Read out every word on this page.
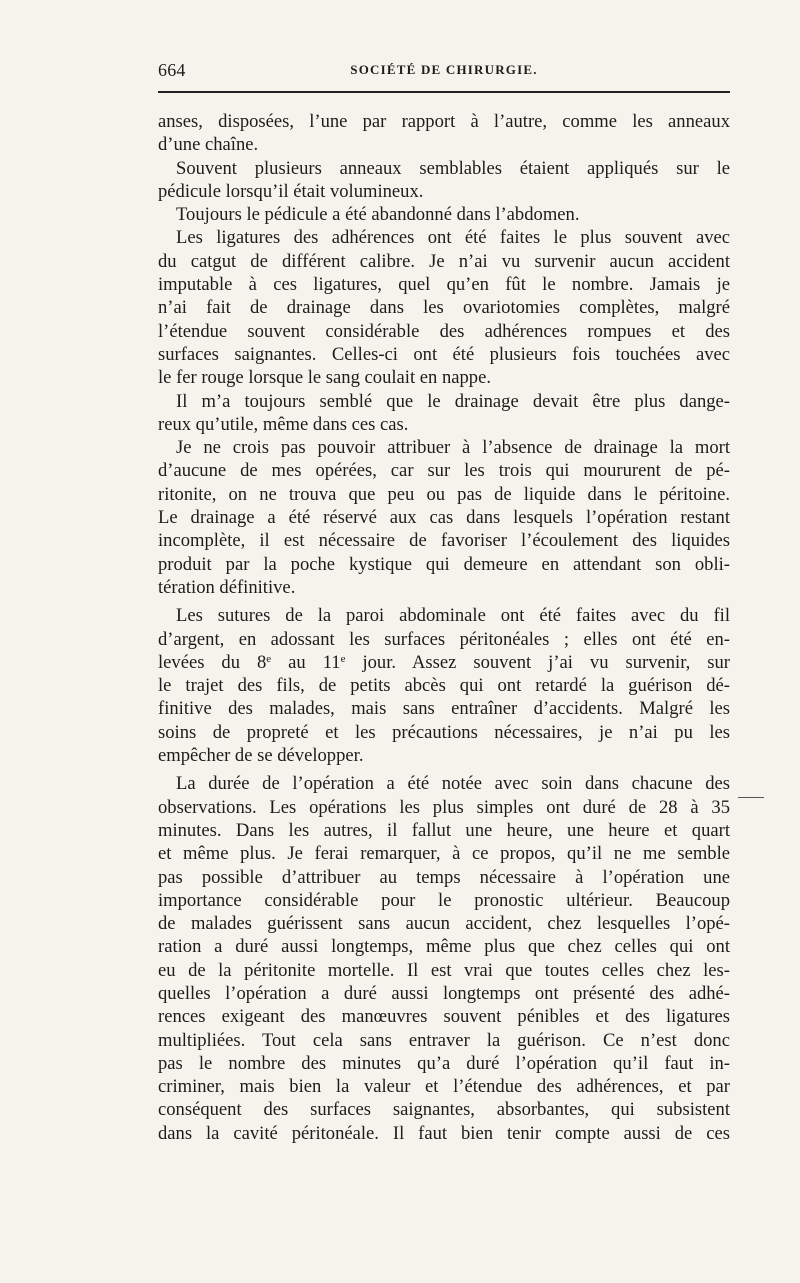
664	SOCIÉTÉ DE CHIRURGIE.
anses, disposées, l’une par rapport à l’autre, comme les anneaux
d’une chaîne.
Souvent plusieurs anneaux semblables étaient appliqués sur le
pédicule lorsqu’il était volumineux.
Toujours le pédicule a été abandonné dans l’abdomen.
Les ligatures des adhérences ont été faites le plus souvent avec
du catgut de différent calibre. Je n’ai vu survenir aucun accident
imputable à ces ligatures, quel qu’en fût le nombre. Jamais je
n’ai fait de drainage dans les ovariotomies complètes, malgré
l’étendue souvent considérable des adhérences rompues et des
surfaces saignantes. Celles-ci ont été plusieurs fois touchées avec
le fer rouge lorsque le sang coulait en nappe.
Il m’a toujours semblé que le drainage devait être plus dange-
reux qu’utile, même dans ces cas.
Je ne crois pas pouvoir attribuer à l’absence de drainage la mort
d’aucune de mes opérées, car sur les trois qui moururent de pé-
ritonite, on ne trouva que peu ou pas de liquide dans le péritoine.
Le drainage a été réservé aux cas dans lesquels l’opération restant
incomplète, il est nécessaire de favoriser l’écoulement des liquides
produit par la poche kystique qui demeure en attendant son obli-
tération définitive.
Les sutures de la paroi abdominale ont été faites avec du fil
d’argent, en adossant les surfaces péritonéales ; elles ont été en-
levées du 8e au 11e jour. Assez souvent j’ai vu survenir, sur
le trajet des fils, de petits abcès qui ont retardé la guérison dé-
finitive des malades, mais sans entraîner d’accidents. Malgré les
soins de propreté et les précautions nécessaires, je n’ai pu les
empêcher de se développer.
La durée de l’opération a été notée avec soin dans chacune des
observations. Les opérations les plus simples ont duré de 28 à 35
minutes. Dans les autres, il fallut une heure, une heure et quart
et même plus. Je ferai remarquer, à ce propos, qu’il ne me semble
pas possible d’attribuer au temps nécessaire à l’opération une
importance considérable pour le pronostic ultérieur. Beaucoup
de malades guérissent sans aucun accident, chez lesquelles l’opé-
ration a duré aussi longtemps, même plus que chez celles qui ont
eu de la péritonite mortelle. Il est vrai que toutes celles chez les-
quelles l’opération a duré aussi longtemps ont présenté des adhé-
rences exigeant des manœuvres souvent pénibles et des ligatures
multipliées. Tout cela sans entraver la guérison. Ce n’est donc
pas le nombre des minutes qu’a duré l’opération qu’il faut in-
criminer, mais bien la valeur et l’étendue des adhérences, et par
conséquent des surfaces saignantes, absorbantes, qui subsistent
dans la cavité péritonéale. Il faut bien tenir compte aussi de ces
